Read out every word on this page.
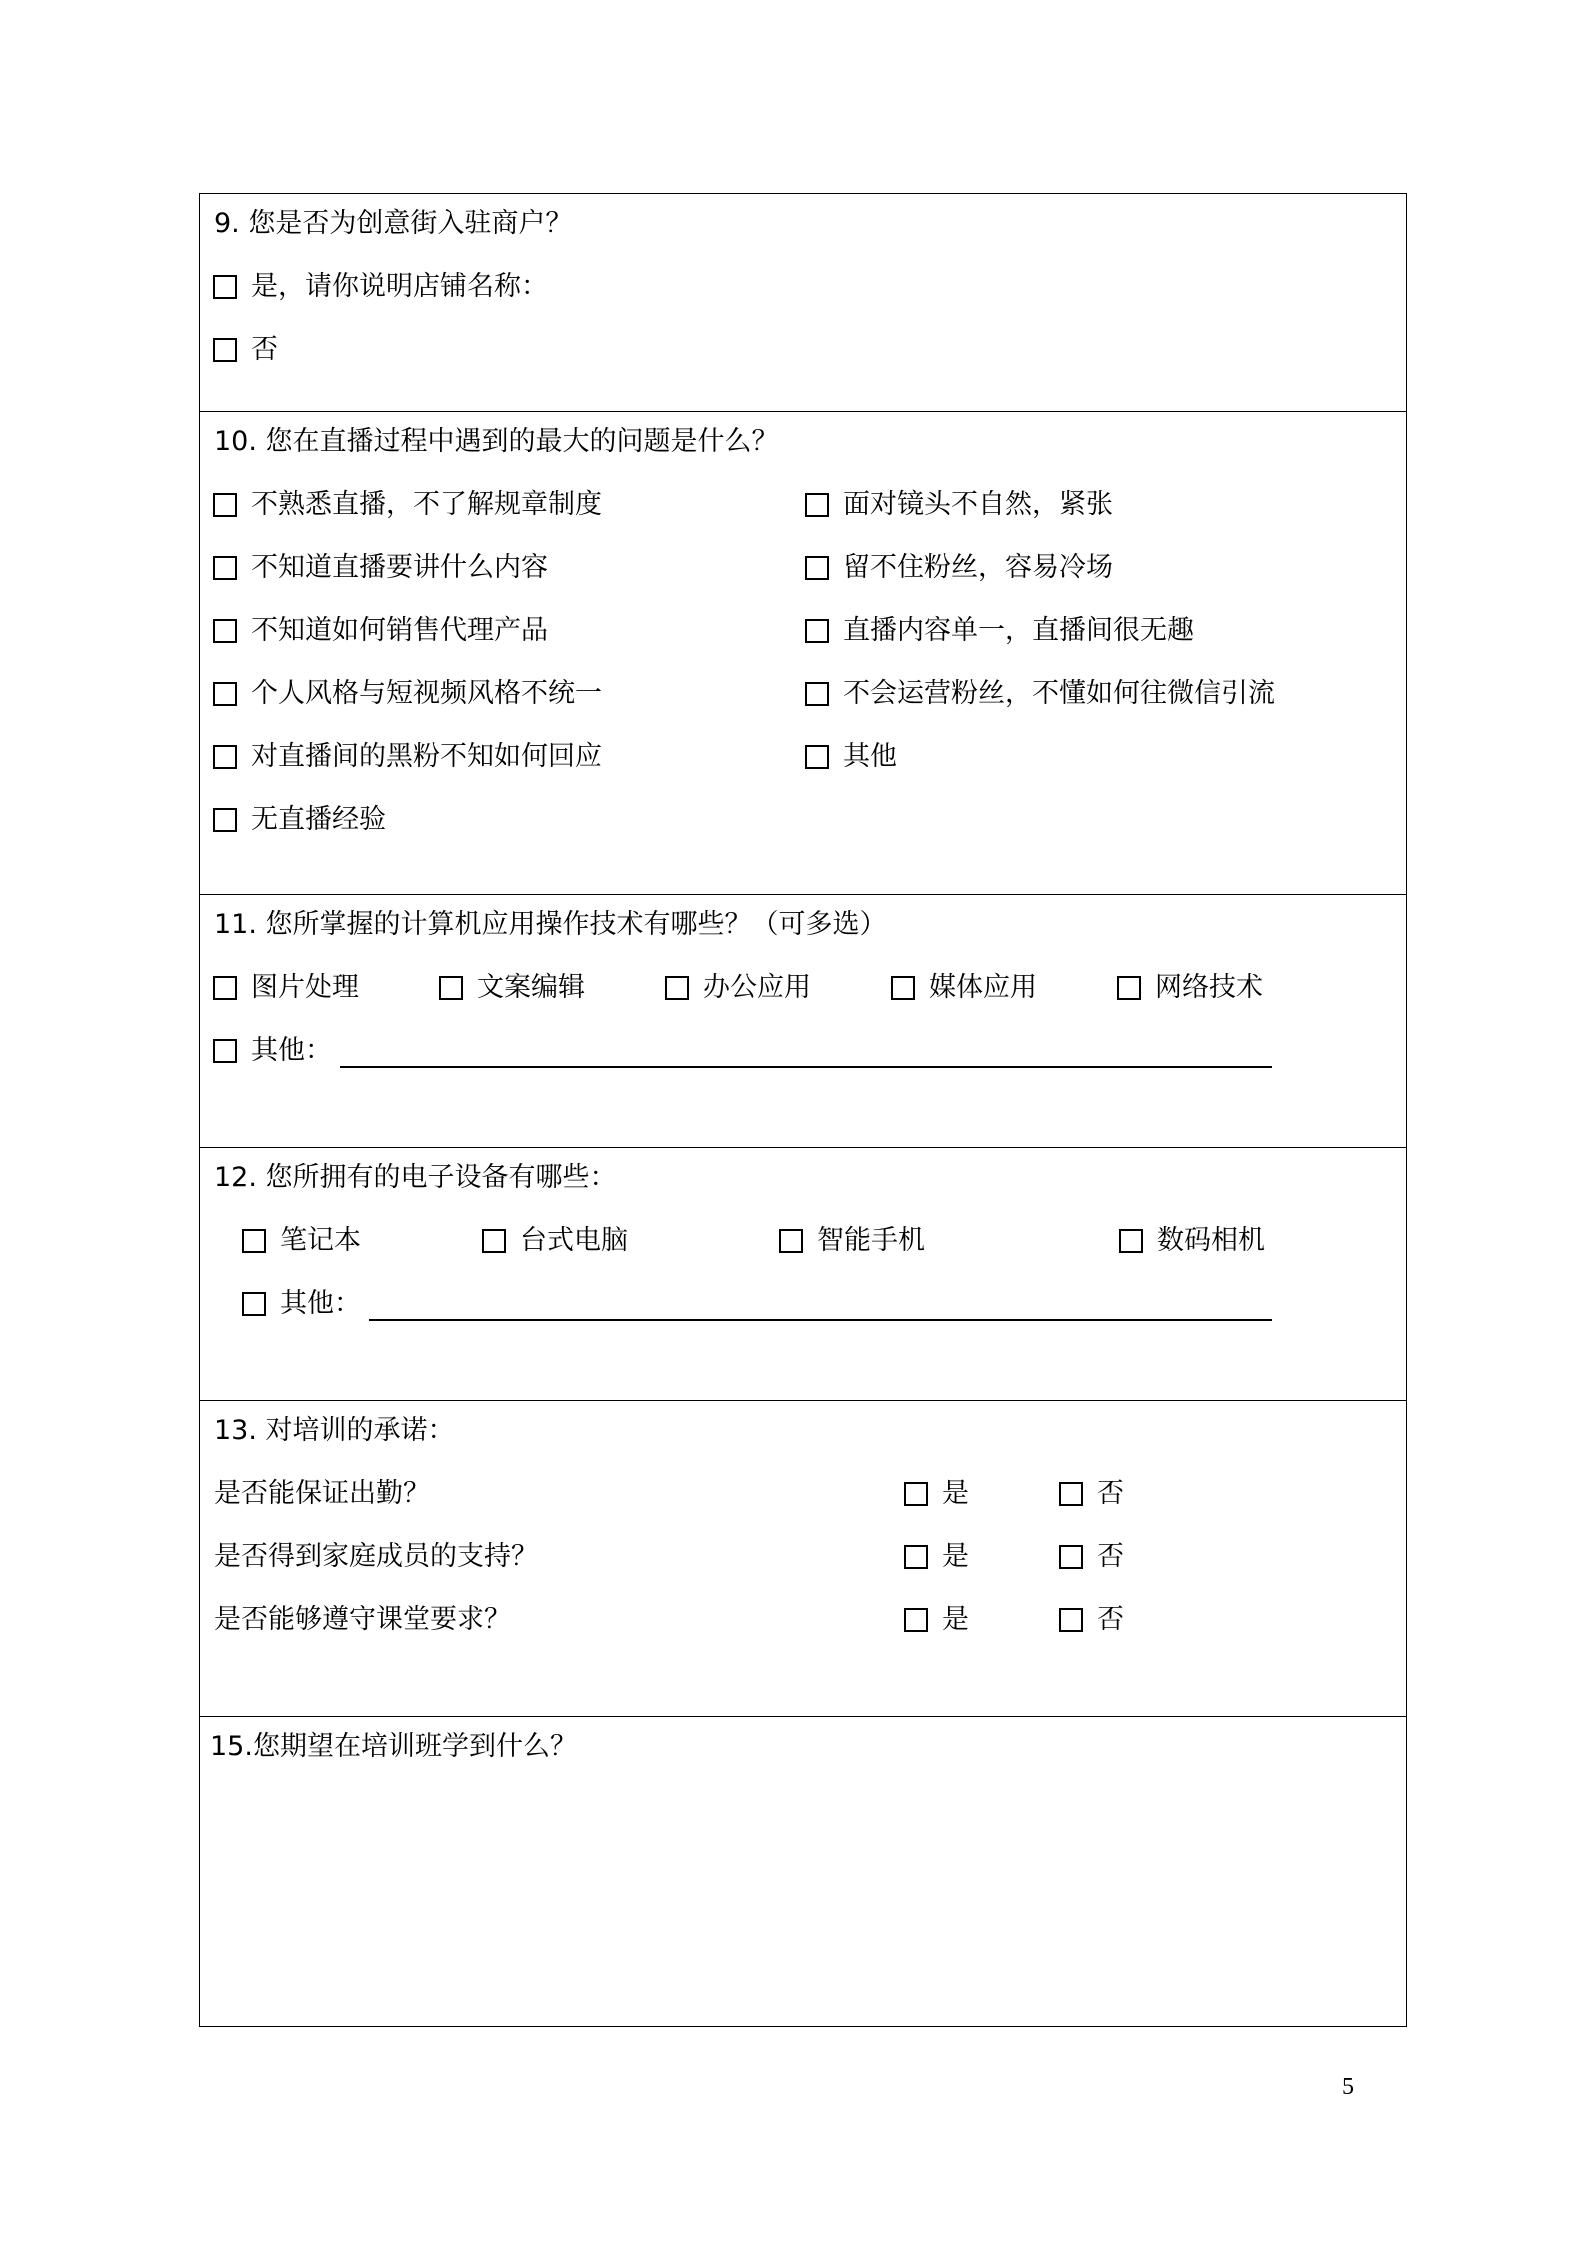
9. 您是否为创意街入驻商户？
是，请你说明店铺名称：
否
10. 您在直播过程中遇到的最大的问题是什么？
不熟悉直播，不了解规章制度	面对镜头不自然，紧张
不知道直播要讲什么内容	留不住粉丝，容易冷场
不知道如何销售代理产品	直播内容单一，直播间很无趣
个人风格与短视频风格不统一	不会运营粉丝，不懂如何往微信引流
对直播间的黑粉不知如何回应	其他
无直播经验
11. 您所掌握的计算机应用操作技术有哪些？（可多选）
图片处理	文案编辑	办公应用	媒体应用	网络技术
其他：
12. 您所拥有的电子设备有哪些：
笔记本	台式电脑	智能手机	数码相机
其他：
13. 对培训的承诺：
是否能保证出勤？	是	否
是否得到家庭成员的支持？	是	否
是否能够遵守课堂要求？	是	否
15.您期望在培训班学到什么？
5
